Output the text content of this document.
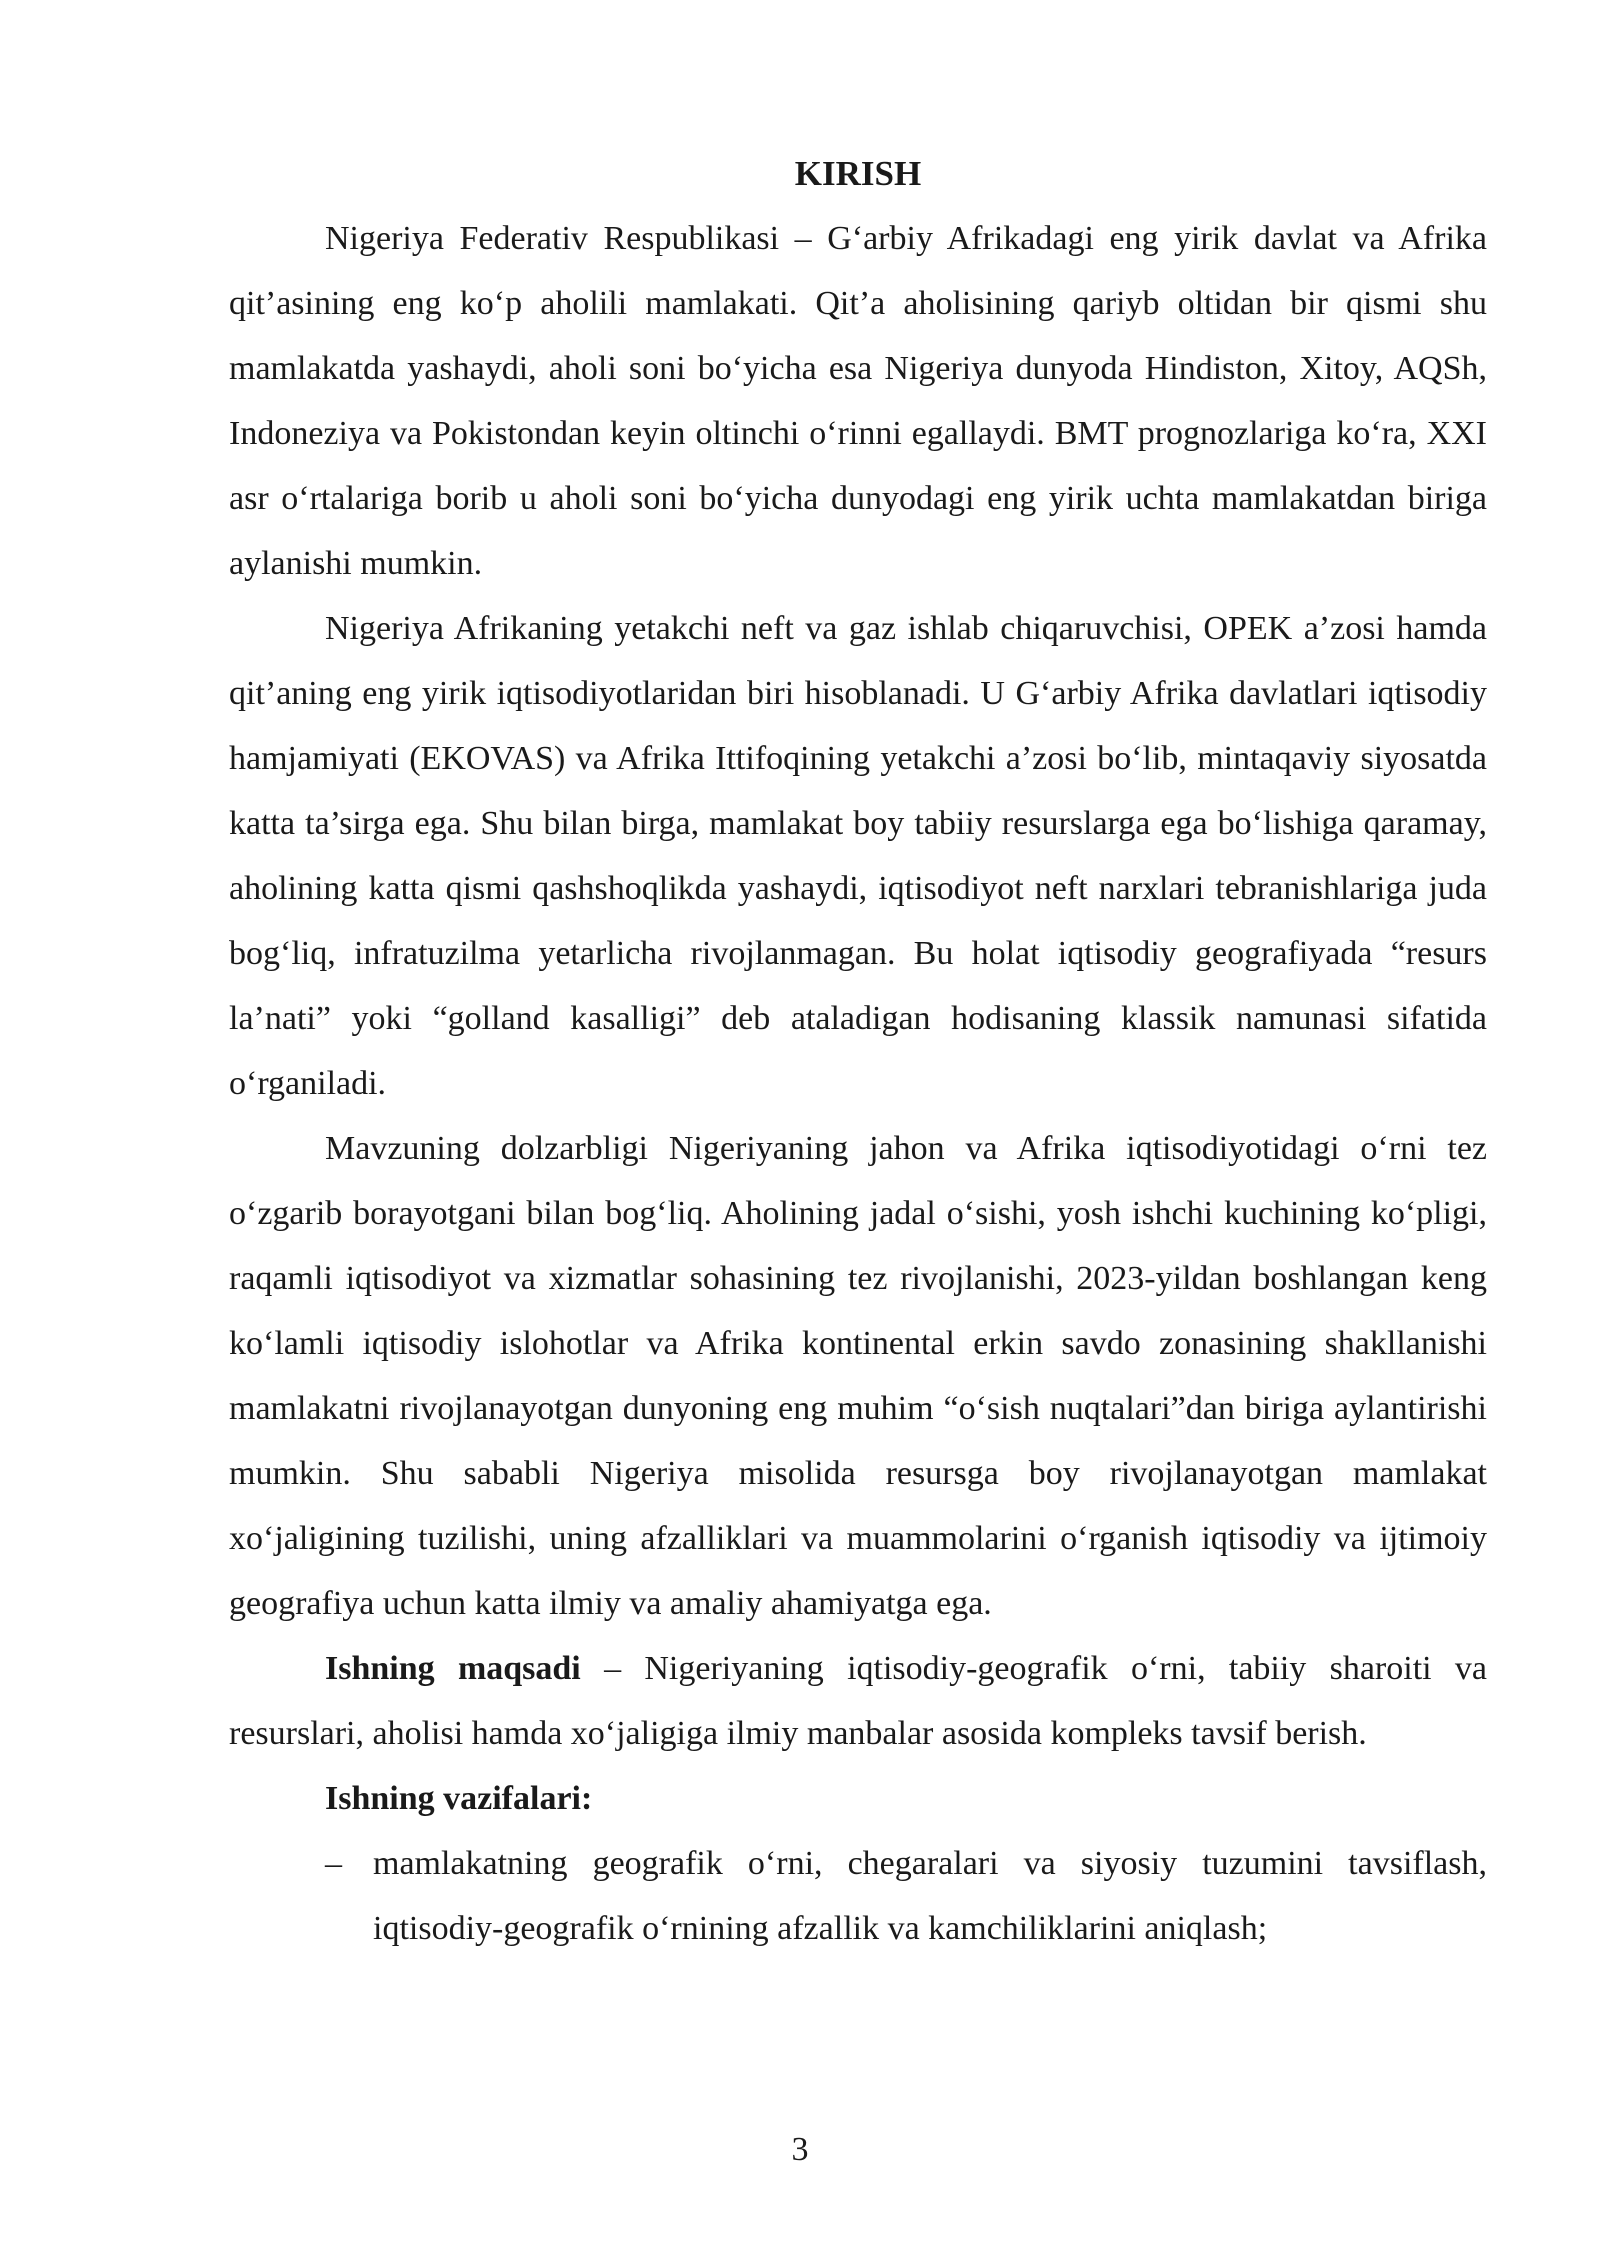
KIRISH

Nigeriya Federativ Respublikasi – G‘arbiy Afrikadagi eng yirik davlat va Afrika qit’asining eng ko‘p aholili mamlakati. Qit’a aholisining qariyb oltidan bir qismi shu mamlakatda yashaydi, aholi soni bo‘yicha esa Nigeriya dunyoda Hindiston, Xitoy, AQSh, Indoneziya va Pokistondan keyin oltinchi o‘rinni egallaydi. BMT prognozlariga ko‘ra, XXI asr o‘rtalariga borib u aholi soni bo‘yicha dunyodagi eng yirik uchta mamlakatdan biriga aylanishi mumkin.

Nigeriya Afrikaning yetakchi neft va gaz ishlab chiqaruvchisi, OPEK a’zosi hamda qit’aning eng yirik iqtisodiyotlaridan biri hisoblanadi. U G‘arbiy Afrika davlatlari iqtisodiy hamjamiyati (EKOVAS) va Afrika Ittifoqining yetakchi a’zosi bo‘lib, mintaqaviy siyosatda katta ta’sirga ega. Shu bilan birga, mamlakat boy tabiiy resurslarga ega bo‘lishiga qaramay, aholining katta qismi qashshoqlikda yashaydi, iqtisodiyot neft narxlari tebranishlariga juda bog‘liq, infratuzilma yetarlicha rivojlanmagan. Bu holat iqtisodiy geografiyada “resurs la’nati” yoki “golland kasalligi” deb ataladigan hodisaning klassik namunasi sifatida o‘rganiladi.

Mavzuning dolzarbligi Nigeriyaning jahon va Afrika iqtisodiyotidagi o‘rni tez o‘zgarib borayotgani bilan bog‘liq. Aholining jadal o‘sishi, yosh ishchi kuchining ko‘pligi, raqamli iqtisodiyot va xizmatlar sohasining tez rivojlanishi, 2023-yildan boshlangan keng ko‘lamli iqtisodiy islohotlar va Afrika kontinental erkin savdo zonasining shakllanishi mamlakatni rivojlanayotgan dunyoning eng muhim “o‘sish nuqtalari”dan biriga aylantirishi mumkin. Shu sababli Nigeriya misolida resursga boy rivojlanayotgan mamlakat xo‘jaligining tuzilishi, uning afzalliklari va muammolarini o‘rganish iqtisodiy va ijtimoiy geografiya uchun katta ilmiy va amaliy ahamiyatga ega.

Ishning maqsadi – Nigeriyaning iqtisodiy-geografik o‘rni, tabiiy sharoiti va resurslari, aholisi hamda xo‘jaligiga ilmiy manbalar asosida kompleks tavsif berish.

Ishning vazifalari:

– mamlakatning geografik o‘rni, chegaralari va siyosiy tuzumini tavsiflash, iqtisodiy-geografik o‘rnining afzallik va kamchiliklarini aniqlash;
3
